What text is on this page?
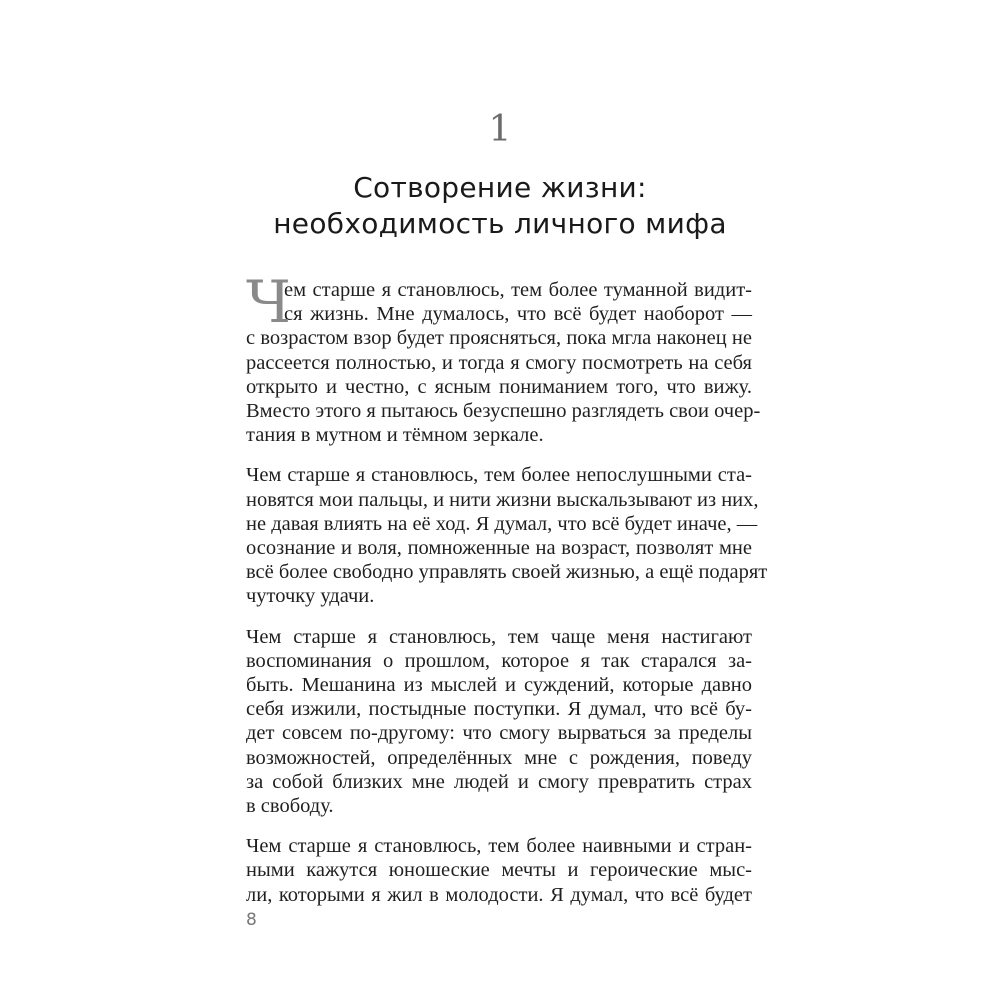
1
Сотворение жизни:
необходимость личного мифа

Ч
ем старше я становлюсь, тем более туманной видит-
ся жизнь. Мне думалось, что всё будет наоборот —
с возрастом взор будет проясняться, пока мгла наконец не
рассеется полностью, и тогда я смогу посмотреть на себя
открыто и честно, с ясным пониманием того, что вижу.
Вместо этого я пытаюсь безуспешно разглядеть свои очер-
тания в мутном и тёмном зеркале.

Чем старше я становлюсь, тем более непослушными ста-
новятся мои пальцы, и нити жизни выскальзывают из них,
не давая влиять на её ход. Я думал, что всё будет иначе, —
осознание и воля, помноженные на возраст, позволят мне
всё более свободно управлять своей жизнью, а ещё подарят
чуточку удачи.

Чем старше я становлюсь, тем чаще меня настигают
воспоминания о прошлом, которое я так старался за-
быть. Мешанина из мыслей и суждений, которые давно
себя изжили, постыдные поступки. Я думал, что всё бу-
дет совсем по-другому: что смогу вырваться за пределы
возможностей, определённых мне с рождения, поведу
за собой близких мне людей и смогу превратить страх
в свободу.

Чем старше я становлюсь, тем более наивными и стран-
ными кажутся юношеские мечты и героические мыс-
ли, которыми я жил в молодости. Я думал, что всё будет

8
